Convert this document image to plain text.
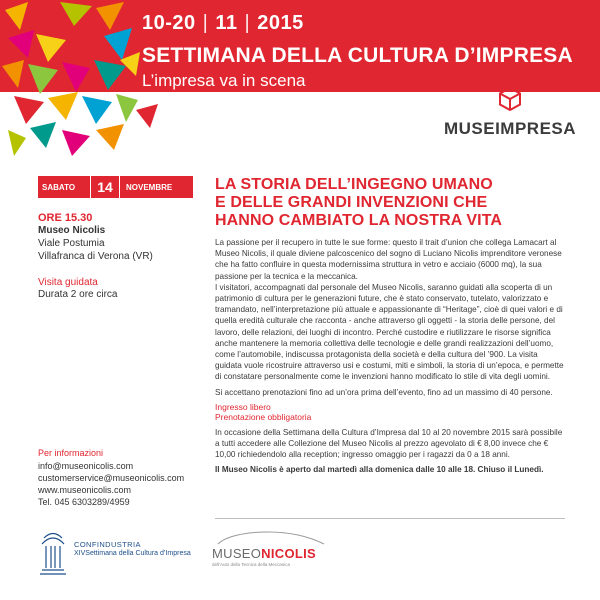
10-20 | 11 | 2015
SETTIMANA DELLA CULTURA D’IMPRESA
L’impresa va in scena
MUSEIMPRESA
SABATO	14	NOVEMBRE
ORE 15.30
Museo Nicolis
Viale Postumia
Villafranca di Verona (VR)
Visita guidata
Durata 2 ore circa
Per informazioni
info@museonicolis.com
customerservice@museonicolis.com
www.museonicolis.com
Tel. 045 6303289/4959
LA STORIA DELL’INGEGNO UMANO
E DELLE GRANDI INVENZIONI CHE
HANNO CAMBIATO LA NOSTRA VITA

La passione per il recupero in tutte le sue forme: questo il trait d’union che collega Lamacart al Museo Nicolis, il quale diviene palcoscenico del sogno di Luciano Nicolis imprenditore veronese che ha fatto confluire in questa modernissima struttura in vetro e acciaio (6000 mq), la sua passione per la tecnica e la meccanica.

I visitatori, accompagnati dal personale del Museo Nicolis, saranno guidati alla scoperta di un patrimonio di cultura per le generazioni future, che è stato conservato, tutelato, valorizzato e tramandato, nell’interpretazione più attuale e appassionante di “Heritage”, cioè di quei valori e di quella eredità culturale che racconta - anche attraverso gli oggetti - la storia delle persone, del lavoro, delle relazioni, dei luoghi di incontro. Perché custodire e riutilizzare le risorse significa anche mantenere la memoria collettiva delle tecnologie e delle grandi realizzazioni dell’uomo, come l’automobile, indiscussa protagonista della società e della cultura del ’900. La visita guidata vuole ricostruire attraverso usi e costumi, miti e simboli, la storia di un’epoca, e permette di constatare personalmente come le invenzioni hanno modificato lo stile di vita degli uomini.

Si accettano prenotazioni fino ad un’ora prima dell’evento, fino ad un massimo di 40 persone.

Ingresso libero
Prenotazione obbligatoria

In occasione della Settimana della Cultura d’Impresa dal 10 al 20 novembre 2015 sarà possibile a tutti accedere alle Collezione del Museo Nicolis al prezzo agevolato di € 8,00 invece che € 10,00 richiedendolo alla reception; ingresso omaggio per i ragazzi da 0 a 18 anni.

Il Museo Nicolis è aperto dal martedì alla domenica dalle 10 alle 18. Chiuso il Lunedì.

CONFINDUSTRIA
XIVSettimana della Cultura d’Impresa MUSEONICOLIS
dell’Auto della Tecnica della Meccanica
